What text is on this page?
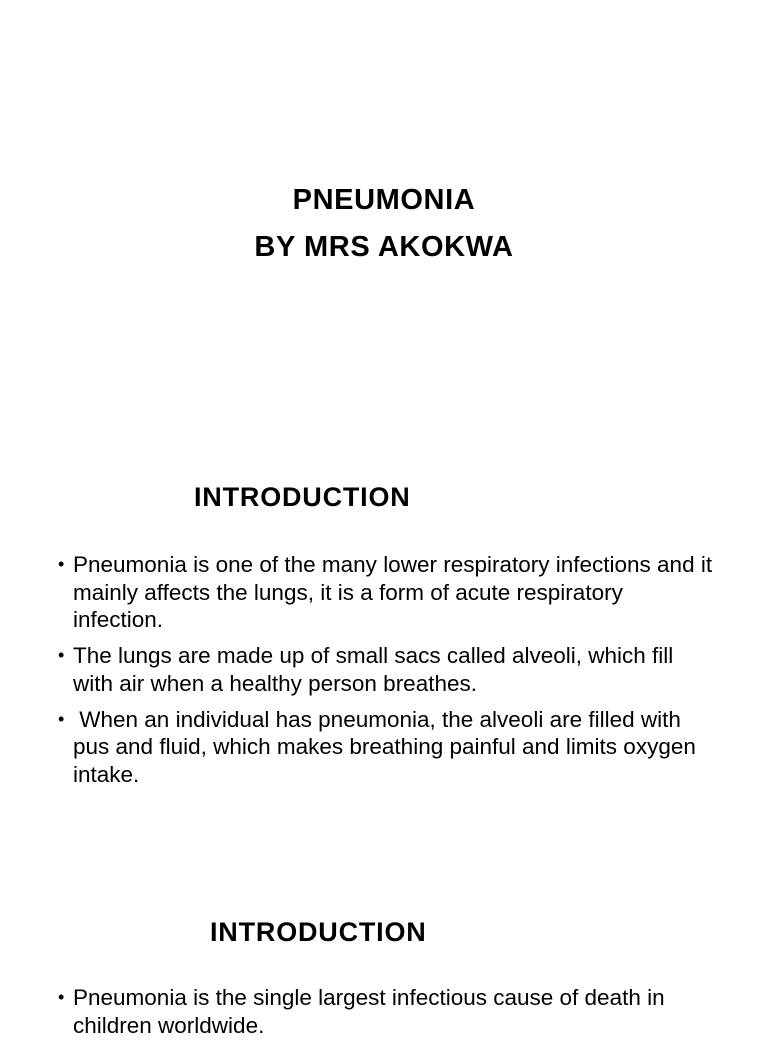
PNEUMONIA
BY MRS AKOKWA
INTRODUCTION
• Pneumonia is one of the many lower respiratory infections and it mainly affects the lungs, it is a form of acute respiratory infection.
• The lungs are made up of small sacs called alveoli, which fill with air when a healthy person breathes.
• When an individual has pneumonia, the alveoli are filled with pus and fluid, which makes breathing painful and limits oxygen intake.
INTRODUCTION
• Pneumonia is the single largest infectious cause of death in children worldwide.
